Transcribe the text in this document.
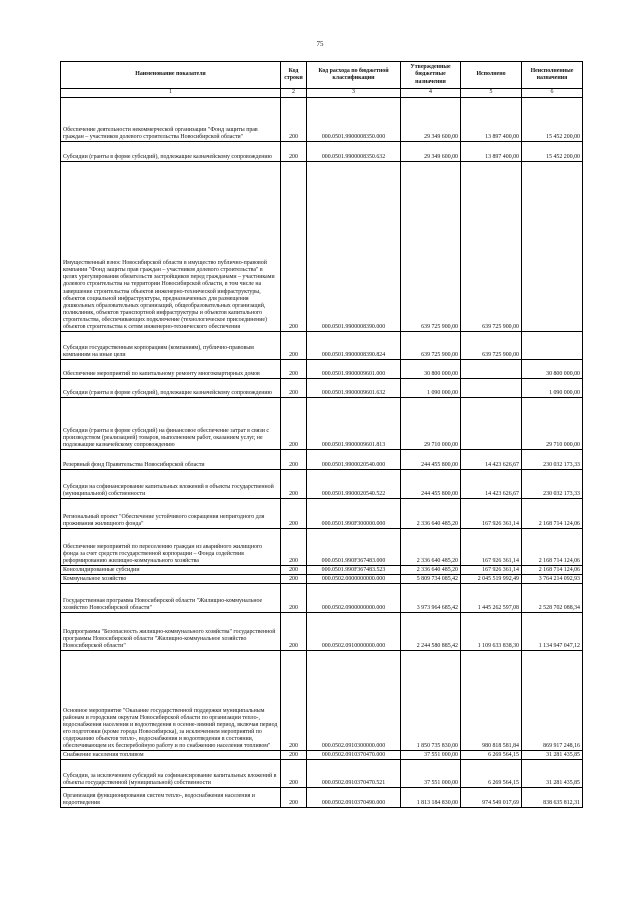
75
Наименование показателя	Код строки	Код расхода по бюджетной классификации	Утвержденные бюджетные назначения	Исполнено	Неисполненные назначения
1	2	3	4	5	6
Обеспечение деятельности некоммерческой организации "Фонд защиты прав граждан – участников долевого строительства Новосибирской области"	200	000.0501.9900008350.000	29 349 600,00	13 897 400,00	15 452 200,00
Субсидии (гранты в форме субсидий), подлежащие казначейскому сопровождению	200	000.0501.9900008350.632	29 349 600,00	13 897 400,00	15 452 200,00
Имущественный взнос Новосибирской области в имущество публично-правовой компании "Фонд защиты прав граждан – участников долевого строительства" в целях урегулирования обязательств застройщиков перед гражданами – участниками долевого строительства на территории Новосибирской области, в том числе на завершение строительства объектов инженерно-технической инфраструктуры, объектов социальной инфраструктуры, предназначенных для размещения дошкольных образовательных организаций, общеобразовательных организаций, поликлиник, объектов транспортной инфраструктуры и объектов капитального строительства, обеспечивающих подключение (технологическое присоединение) объектов строительства к сетям инженерно-технического обеспечения	200	000.0501.9900008390.000	639 725 900,00	639 725 900,00	
Субсидии государственным корпорациям (компаниям), публично-правовым компаниям на иные цели	200	000.0501.9900008390.824	639 725 900,00	639 725 900,00	
Обеспечение мероприятий по капитальному ремонту многоквартирных домов	200	000.0501.9900009601.000	30 800 000,00		30 800 000,00
Субсидии (гранты в форме субсидий), подлежащие казначейскому сопровождению	200	000.0501.9900009601.632	1 090 000,00		1 090 000,00
Субсидии (гранты в форме субсидий) на финансовое обеспечение затрат в связи с производством (реализацией) товаров, выполнением работ, оказанием услуг, не подлежащие казначейскому сопровождению	200	000.0501.9900009601.813	29 710 000,00		29 710 000,00
Резервный фонд Правительства Новосибирской области	200	000.0501.9900020540.000	244 455 800,00	14 423 626,67	230 032 173,33
Субсидии на софинансирование капитальных вложений в объекты государственной (муниципальной) собственности	200	000.0501.9900020540.522	244 455 800,00	14 423 626,67	230 032 173,33
Региональный проект "Обеспечение устойчивого сокращения непригодного для проживания жилищного фонда"	200	000.0501.990F300000.000	2 336 640 485,20	167 926 361,14	2 168 714 124,06
Обеспечение мероприятий по переселению граждан из аварийного жилищного фонда за счет средств государственной корпорации – Фонда содействия реформированию жилищно-коммунального хозяйства	200	000.0501.990F367483.000	2 336 640 485,20	167 926 361,14	2 168 714 124,06
Консолидированные субсидии	200	000.0501.990F367483.523	2 336 640 485,20	167 926 361,14	2 168 714 124,06
Коммунальное хозяйство	200	000.0502.0000000000.000	5 809 734 085,42	2 045 519 992,49	3 764 214 092,93
Государственная программа Новосибирской области "Жилищно-коммунальное хозяйство Новосибирской области"	200	000.0502.0900000000.000	3 973 964 685,42	1 445 262 597,08	2 528 702 088,34
Подпрограмма "Безопасность жилищно-коммунального хозяйства" государственной программы Новосибирской области "Жилищно-коммунальное хозяйство Новосибирской области"	200	000.0502.0910000000.000	2 244 580 885,42	1 109 633 838,30	1 134 947 047,12
Основное мероприятие "Оказание государственной поддержки муниципальным районам и городским округам Новосибирской области по организации тепло-, водоснабжения населения и водоотведения в осенне-зимний период, включая период его подготовки (кроме города Новосибирска), за исключением мероприятий по содержанию объектов тепло-, водоснабжения и водоотведения в состоянии, обеспечивающем их бесперебойную работу и по снабжению населения топливом"	200	000.0502.0910300000.000	1 850 735 830,00	980 818 581,84	869 917 248,16
Снабжение населения топливом	200	000.0502.0910370470.000	37 551 000,00	6 269 564,15	31 281 435,85
Субсидии, за исключением субсидий на софинансирование капитальных вложений в объекты государственной (муниципальной) собственности	200	000.0502.0910370470.521	37 551 000,00	6 269 564,15	31 281 435,85
Организация функционирования систем тепло-, водоснабжения населения и водоотведения	200	000.0502.0910370490.000	1 813 184 830,00	974 549 017,69	838 635 812,31
